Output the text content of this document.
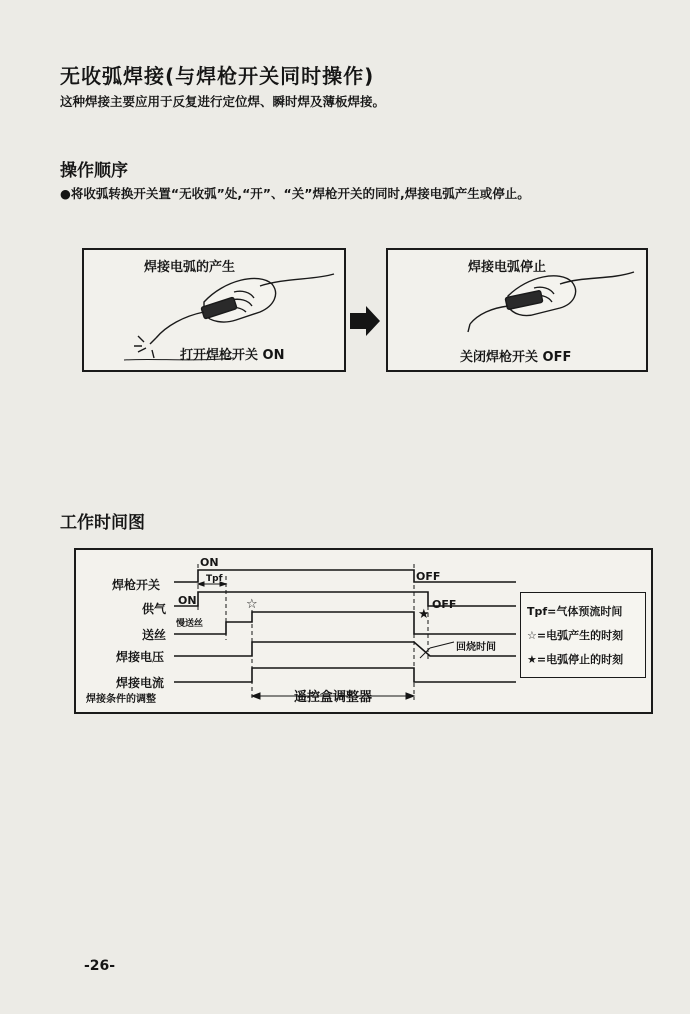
无收弧焊接(与焊枪开关同时操作)
这种焊接主要应用于反复进行定位焊、瞬时焊及薄板焊接。
操作顺序
●将收弧转换开关置“无收弧”处,“开”、“关”焊枪开关的同时,焊接电弧产生或停止。
焊接电弧的产生
打开焊枪开关 ON
焊接电弧停止
关闭焊枪开关 OFF
工作时间图
☆
★
焊枪开关
供气
送丝
焊接电压
焊接电流
焊接条件的调整
ON
ON
OFF
OFF
Tpf
慢送丝
回烧时间
遥控盒调整器
Tpf=气体预流时间
☆=电弧产生的时刻
★=电弧停止的时刻
-26-
